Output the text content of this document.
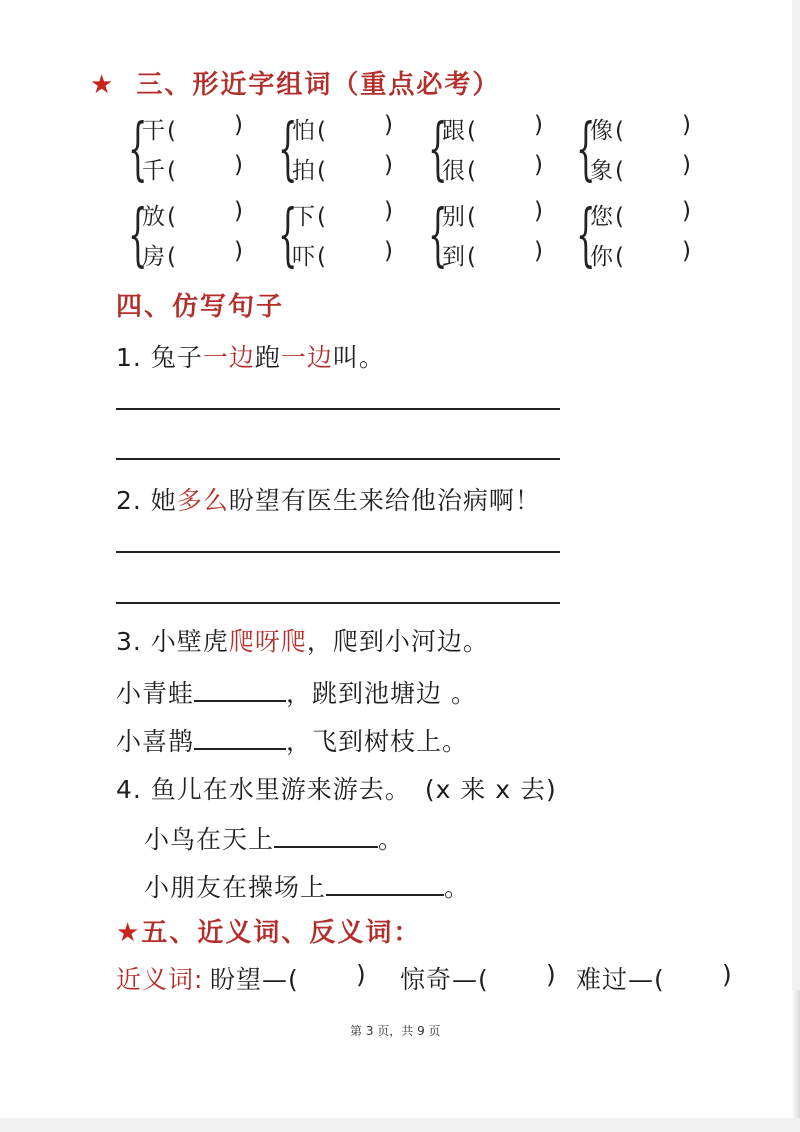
★ 三、形近字组词（重点必考）
{
干(	)
千(	) {
怕(	)
拍(	) {
跟(	)
很(	) {
像(	)
象(	)
{
放(	)
房(	) {
下(	)
吓(	) {
别(	)
到(	) {
您(	)
你(	)
四、仿写句子
1. 兔子一边跑一边叫。
2. 她多么盼望有医生来给他治病啊！
3. 小壁虎爬呀爬，爬到小河边。
小青蛙	，跳到池塘边 。
小喜鹊	，飞到树枝上。
4. 鱼儿在水里游来游去。 (x 来 x 去)
小鸟在天上	。
小朋友在操场上	。
★五、近义词、反义词：
近义词: 盼望—( ) 惊奇—( ) 难过—( )
第 3 页，共 9 页
